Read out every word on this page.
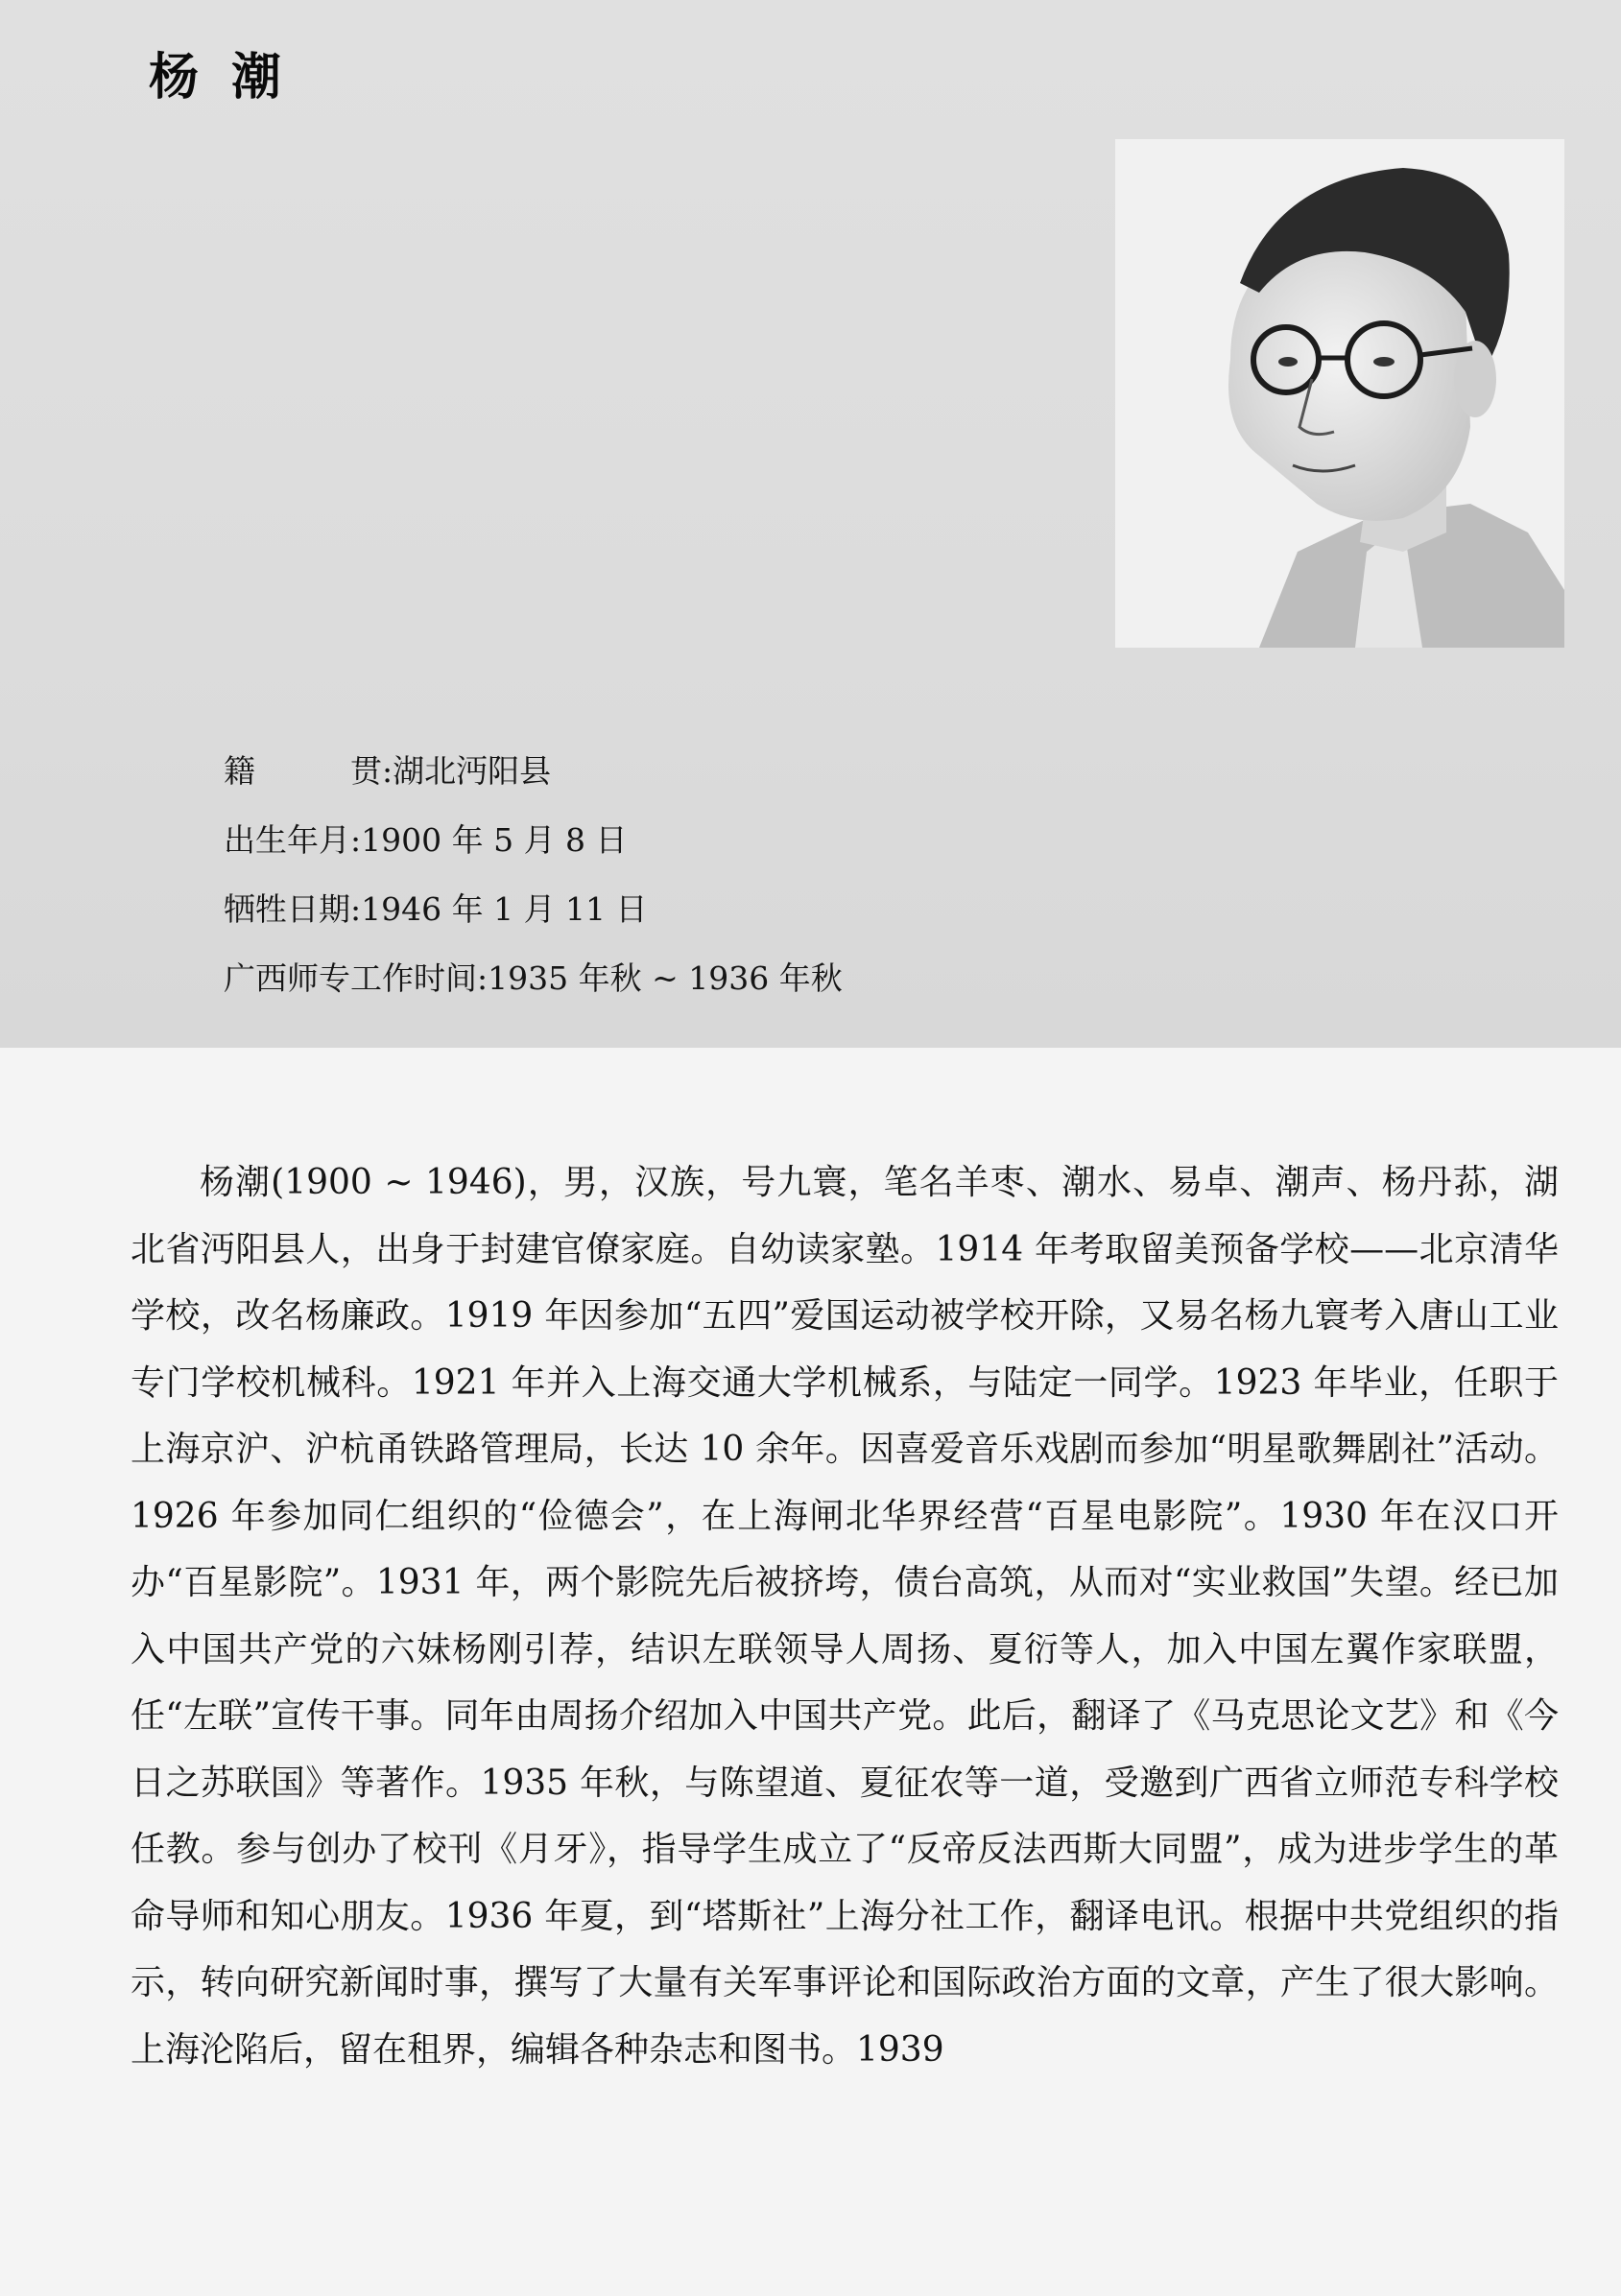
杨潮
籍	贯 : 湖北沔阳县
出生年月 : 1900 年 5 月 8 日
牺牲日期 : 1946 年 1 月 11 日
广西师专工作时间 : 1935 年秋 ~ 1936 年秋

杨潮(1900 ~ 1946)，男，汉族，号九寰，笔名羊枣、潮水、易卓、潮声、杨丹荪，湖北省沔阳县人，出身于封建官僚家庭。自幼读家塾。1914 年考取留美预备学校——北京清华学校，改名杨廉政。1919 年因参加“五四”爱国运动被学校开除，又易名杨九寰考入唐山工业专门学校机械科。1921 年并入上海交通大学机械系，与陆定一同学。1923 年毕业，任职于上海京沪、沪杭甬铁路管理局，长达 10 余年。因喜爱音乐戏剧而参加“明星歌舞剧社”活动。1926 年参加同仁组织的“俭德会”，在上海闸北华界经营“百星电影院”。1930 年在汉口开办“百星影院”。1931 年，两个影院先后被挤垮，债台高筑，从而对“实业救国”失望。经已加入中国共产党的六妹杨刚引荐，结识左联领导人周扬、夏衍等人，加入中国左翼作家联盟，任“左联”宣传干事。同年由周扬介绍加入中国共产党。此后，翻译了《马克思论文艺》和《今日之苏联国》等著作。1935 年秋，与陈望道、夏征农等一道，受邀到广西省立师范专科学校任教。参与创办了校刊《月牙》，指导学生成立了“反帝反法西斯大同盟”，成为进步学生的革命导师和知心朋友。1936 年夏，到“塔斯社”上海分社工作，翻译电讯。根据中共党组织的指示，转向研究新闻时事，撰写了大量有关军事评论和国际政治方面的文章，产生了很大影响。上海沦陷后，留在租界，编辑各种杂志和图书。1939
